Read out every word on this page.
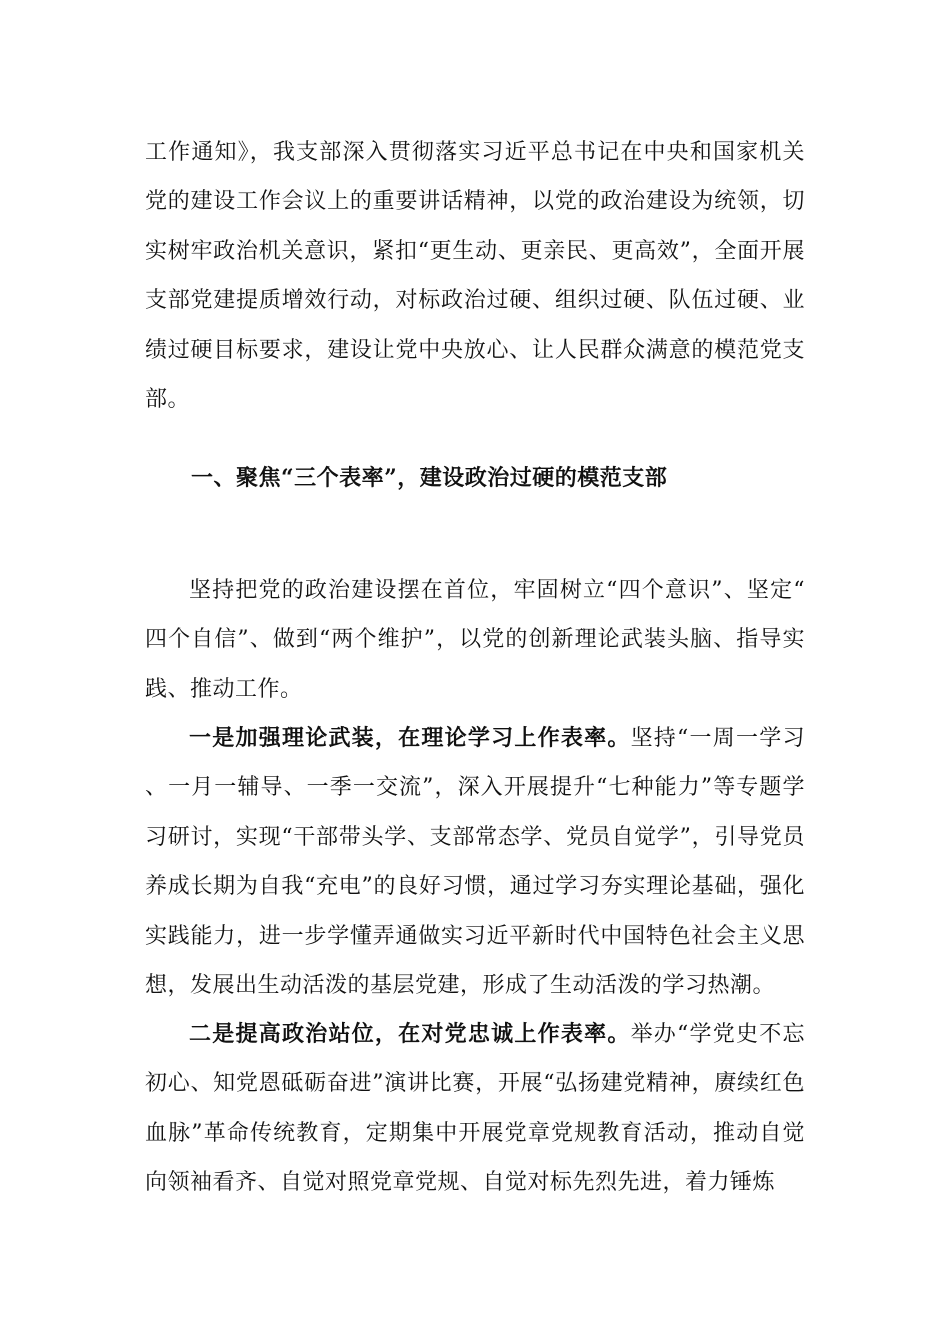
工作通知》，我支部深入贯彻落实习近平总书记在中央和国家机关党的建设工作会议上的重要讲话精神，以党的政治建设为统领，切实树牢政治机关意识，紧扣“更生动、更亲民、更高效”，全面开展支部党建提质增效行动，对标政治过硬、组织过硬、队伍过硬、业绩过硬目标要求，建设让党中央放心、让人民群众满意的模范党支部。

一、聚焦“三个表率”，建设政治过硬的模范支部

坚持把党的政治建设摆在首位，牢固树立“四个意识”、坚定“四个自信”、做到“两个维护”，以党的创新理论武装头脑、指导实践、推动工作。

一是加强理论武装，在理论学习上作表率。坚持“一周一学习、一月一辅导、一季一交流”，深入开展提升“七种能力”等专题学习研讨，实现“干部带头学、支部常态学、党员自觉学”，引导党员养成长期为自我“充电”的良好习惯，通过学习夯实理论基础，强化实践能力，进一步学懂弄通做实习近平新时代中国特色社会主义思想，发展出生动活泼的基层党建，形成了生动活泼的学习热潮。

二是提高政治站位，在对党忠诚上作表率。举办“学党史不忘初心、知党恩砥砺奋进”演讲比赛，开展“弘扬建党精神，赓续红色血脉”革命传统教育，定期集中开展党章党规教育活动，推动自觉向领袖看齐、自觉对照党章党规、自觉对标先烈先进，着力锤炼
